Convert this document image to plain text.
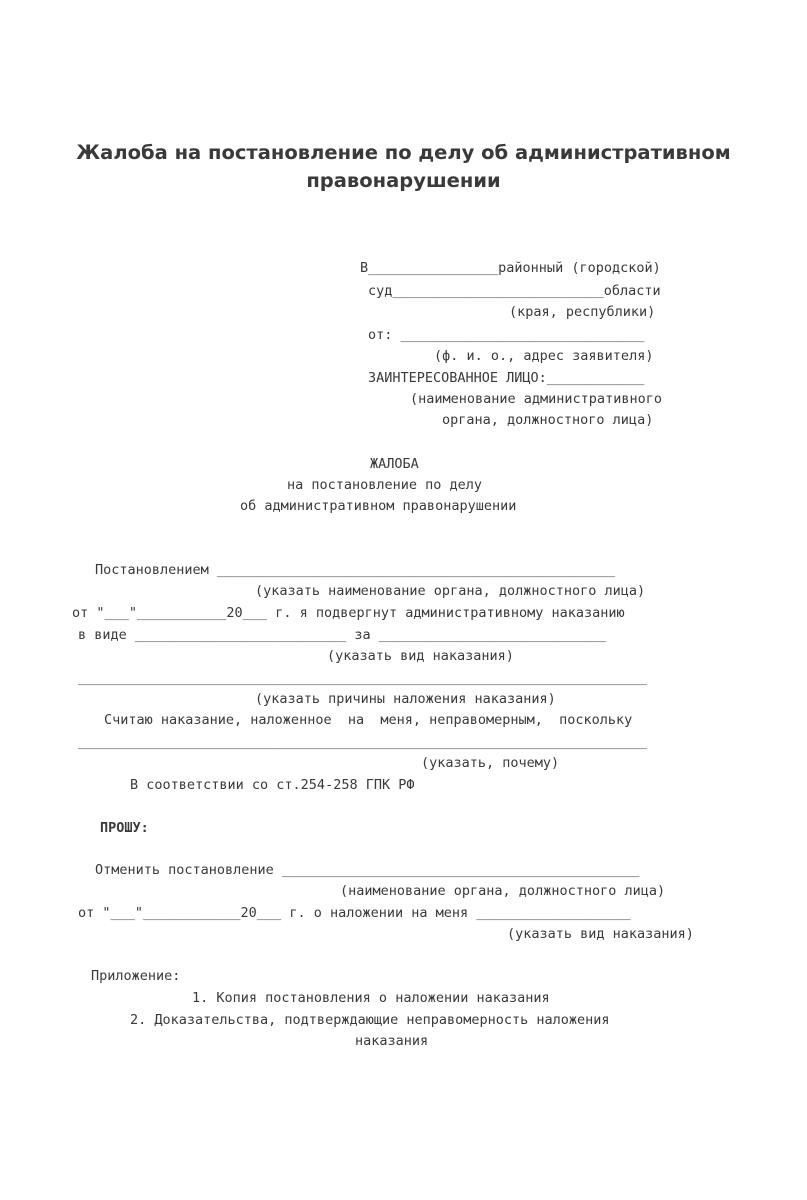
Жалоба на постановление по делу об административном
правонарушении
В________________районный (городской)
суд__________________________области
(края, республики)
от: ______________________________
(ф. и. о., адрес заявителя)
ЗАИНТЕРЕСОВАННОЕ ЛИЦО:____________
(наименование административного
органа, должностного лица)
ЖАЛОБА
на постановление по делу
об административном правонарушении
Постановлением _________________________________________________
(указать наименование органа, должностного лица)
от "___"___________20___ г. я подвергнут административному наказанию
в виде __________________________ за ____________________________
(указать вид наказания)
______________________________________________________________________
(указать причины наложения наказания)
Считаю наказание, наложенное  на  меня, неправомерным,  поскольку
______________________________________________________________________
(указать, почему)
В соответствии со ст.254-258 ГПК РФ
ПРОШУ:
Отменить постановление ____________________________________________
(наименование органа, должностного лица)
от "___"____________20___ г. о наложении на меня ___________________
(указать вид наказания)
Приложение:
1. Копия постановления о наложении наказания
2. Доказательства, подтверждающие неправомерность наложения
наказания
